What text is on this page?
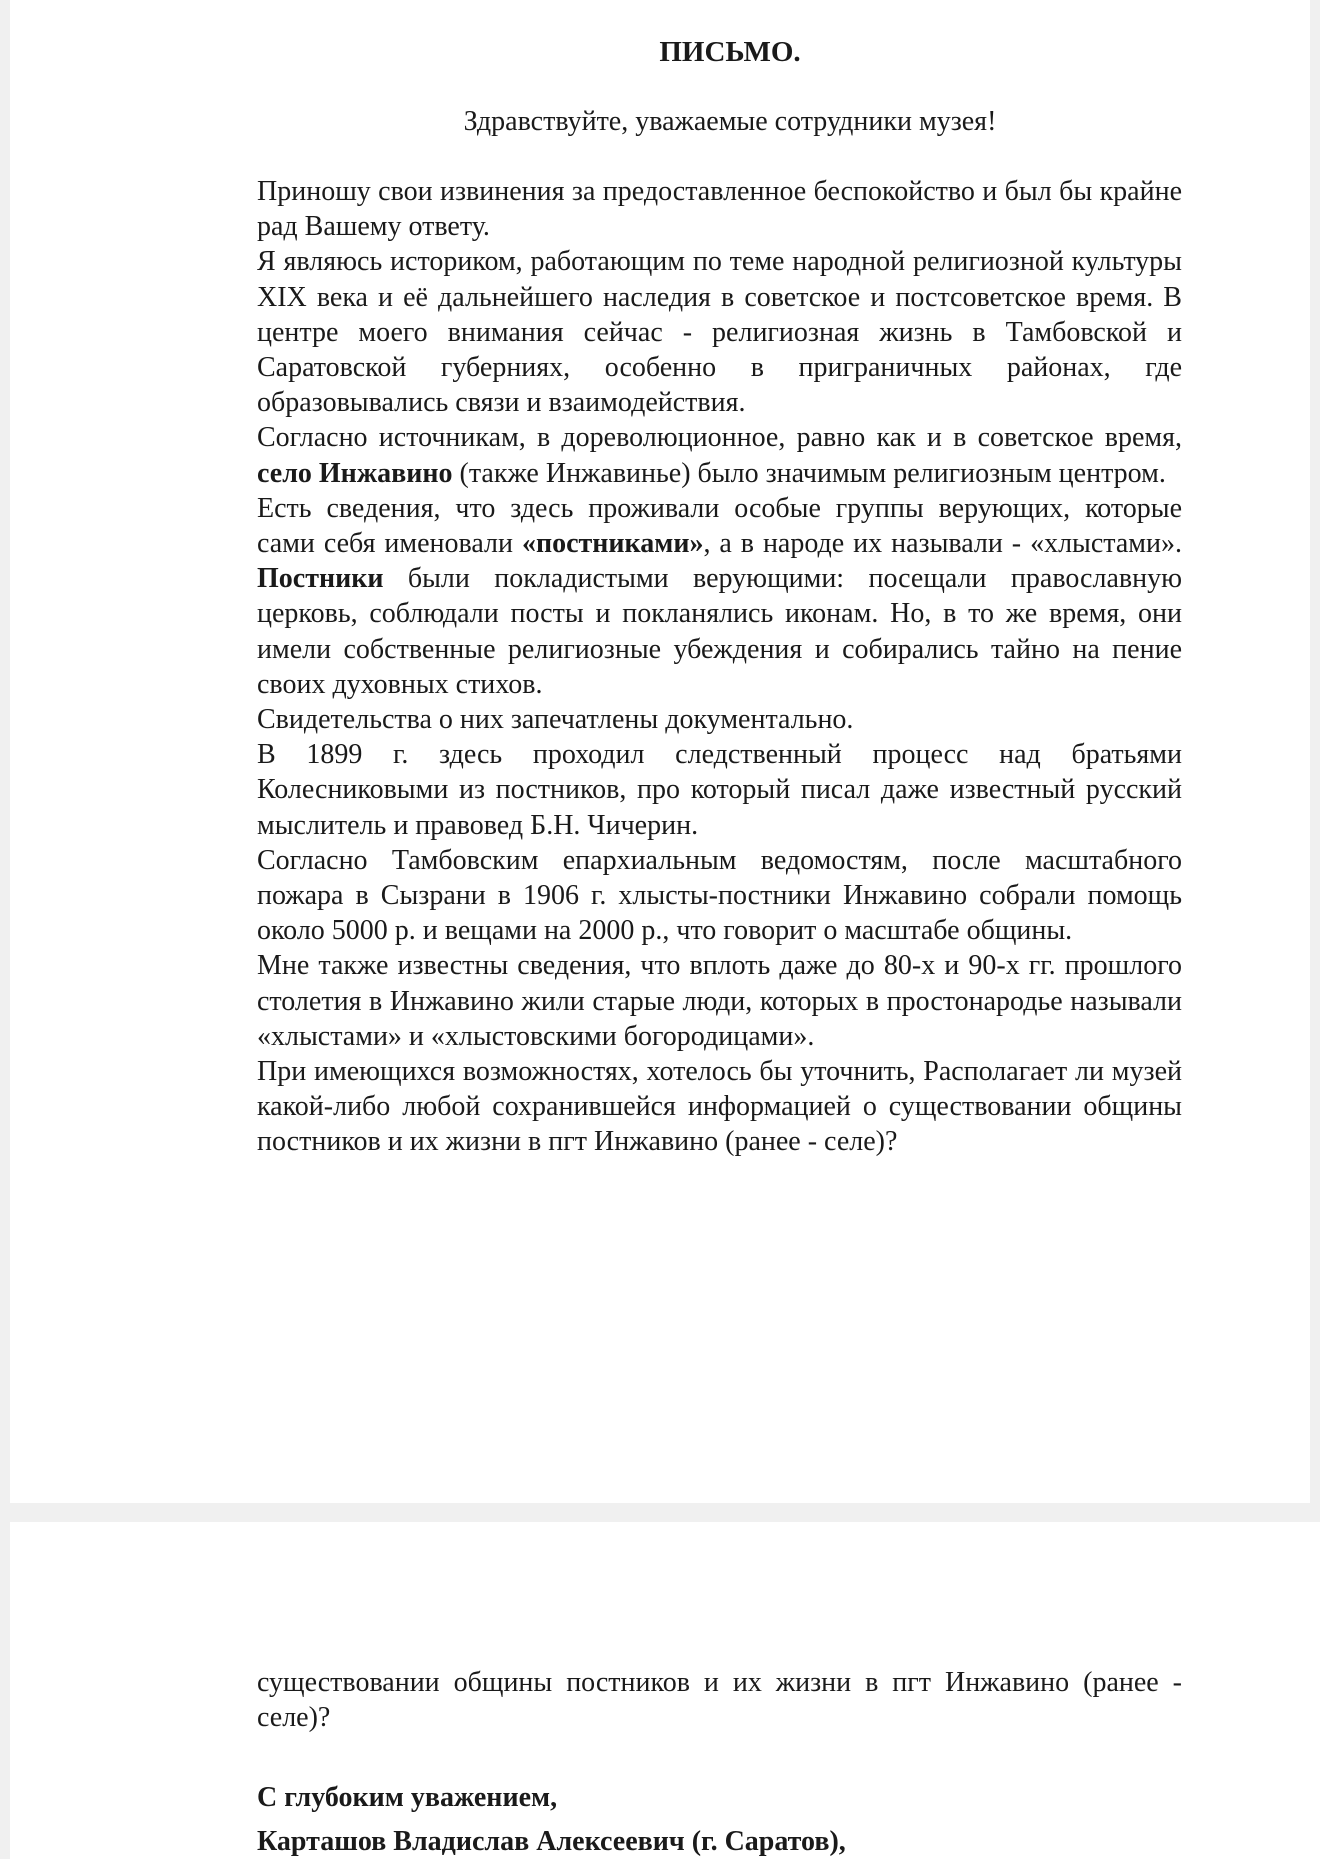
ПИСЬМО.

Здравствуйте, уважаемые сотрудники музея!

Приношу свои извинения за предоставленное беспокойство и был бы крайне рад Вашему ответу.

Я являюсь историком, работающим по теме народной религиозной культуры XIX века и её дальнейшего наследия в советское и постсоветское время. В центре моего внимания сейчас - религиозная жизнь в Тамбовской и Саратовской губерниях, особенно в приграничных районах, где образовывались связи и взаимодействия.

Согласно источникам, в дореволюционное, равно как и в советское время, село Инжавино (также Инжавинье) было значимым религиозным центром.

Есть сведения, что здесь проживали особые группы верующих, которые сами себя именовали «постниками», а в народе их называли - «хлыстами». Постники были покладистыми верующими: посещали православную церковь, соблюдали посты и покланялись иконам. Но, в то же время, они имели собственные религиозные убеждения и собирались тайно на пение своих духовных стихов.

Свидетельства о них запечатлены документально.

В 1899 г. здесь проходил следственный процесс над братьями Колесниковыми из постников, про который писал даже известный русский мыслитель и правовед Б.Н. Чичерин.

Согласно Тамбовским епархиальным ведомостям, после масштабного пожара в Сызрани в 1906 г. хлысты-постники Инжавино собрали помощь около 5000 р. и вещами на 2000 р., что говорит о масштабе общины.

Мне также известны сведения, что вплоть даже до 80-х и 90-х гг. прошлого столетия в Инжавино жили старые люди, которых в простонародье называли «хлыстами» и «хлыстовскими богородицами».

При имеющихся возможностях, хотелось бы уточнить, Располагает ли музей какой-либо любой сохранившейся информацией о существовании общины постников и их жизни в пгт Инжавино (ранее - селе)?

существовании общины постников и их жизни в пгт Инжавино (ранее - селе)?

С глубоким уважением,
Карташов Владислав Алексеевич (г. Саратов),
